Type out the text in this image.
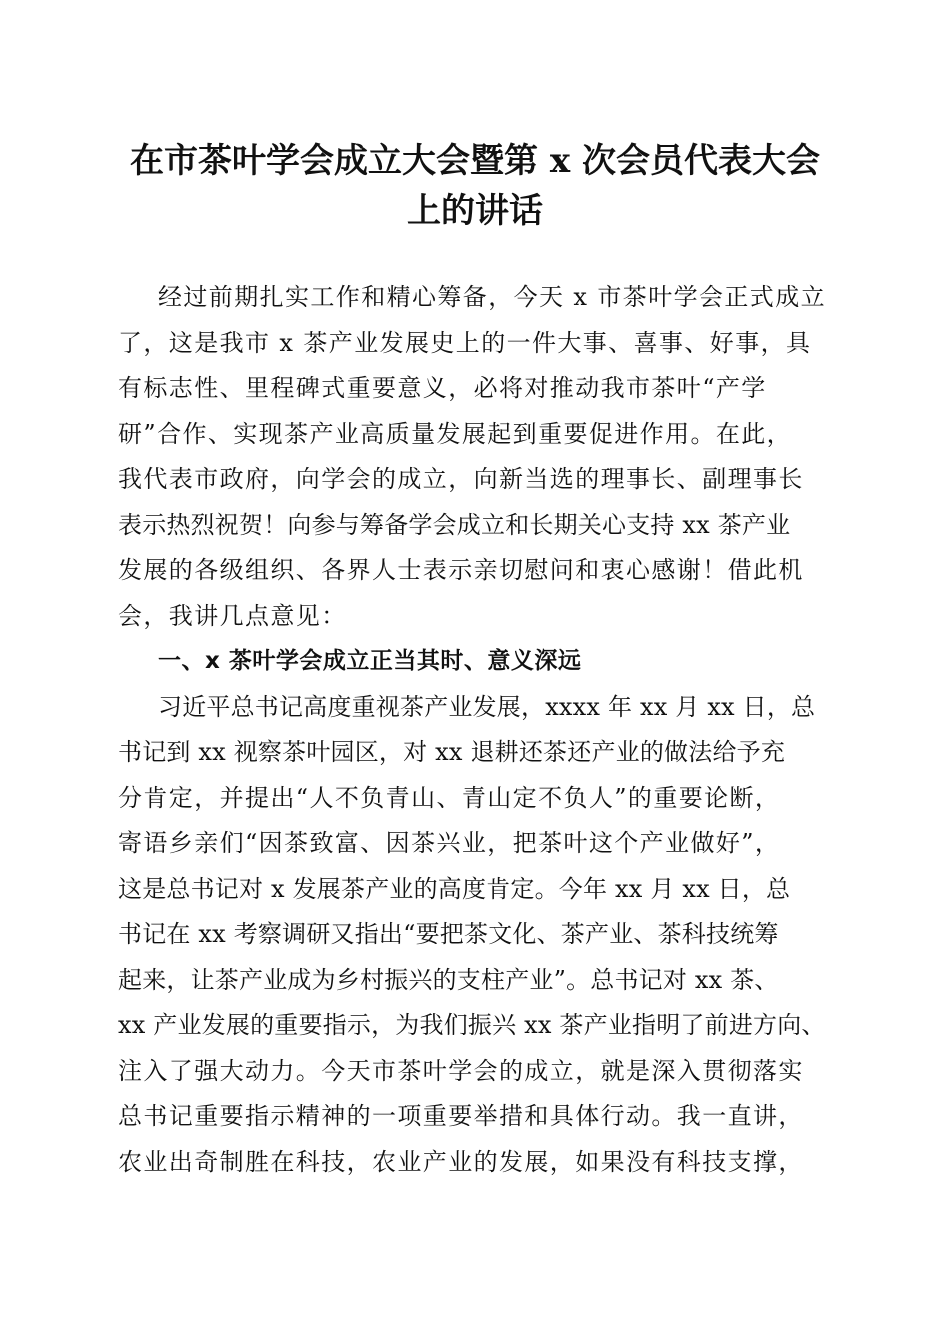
在市茶叶学会成立大会暨第 x 次会员代表大会
上的讲话
经过前期扎实工作和精心筹备，今天 x 市茶叶学会正式成立
了，这是我市 x 茶产业发展史上的一件大事、喜事、好事，具
有标志性、里程碑式重要意义，必将对推动我市茶叶“产学
研”合作、实现茶产业高质量发展起到重要促进作用。在此，
我代表市政府，向学会的成立，向新当选的理事长、副理事长
表示热烈祝贺！向参与筹备学会成立和长期关心支持 xx 茶产业
发展的各级组织、各界人士表示亲切慰问和衷心感谢！借此机
会，我讲几点意见：
一、x 茶叶学会成立正当其时、意义深远
习近平总书记高度重视茶产业发展，xxxx 年 xx 月 xx 日，总
书记到 xx 视察茶叶园区，对 xx 退耕还茶还产业的做法给予充
分肯定，并提出“人不负青山、青山定不负人”的重要论断，
寄语乡亲们“因茶致富、因茶兴业，把茶叶这个产业做好”，
这是总书记对 x 发展茶产业的高度肯定。今年 xx 月 xx 日，总
书记在 xx 考察调研又指出“要把茶文化、茶产业、茶科技统筹
起来，让茶产业成为乡村振兴的支柱产业”。总书记对 xx 茶、
xx 产业发展的重要指示，为我们振兴 xx 茶产业指明了前进方向、
注入了强大动力。今天市茶叶学会的成立，就是深入贯彻落实
总书记重要指示精神的一项重要举措和具体行动。我一直讲，
农业出奇制胜在科技，农业产业的发展，如果没有科技支撑，
